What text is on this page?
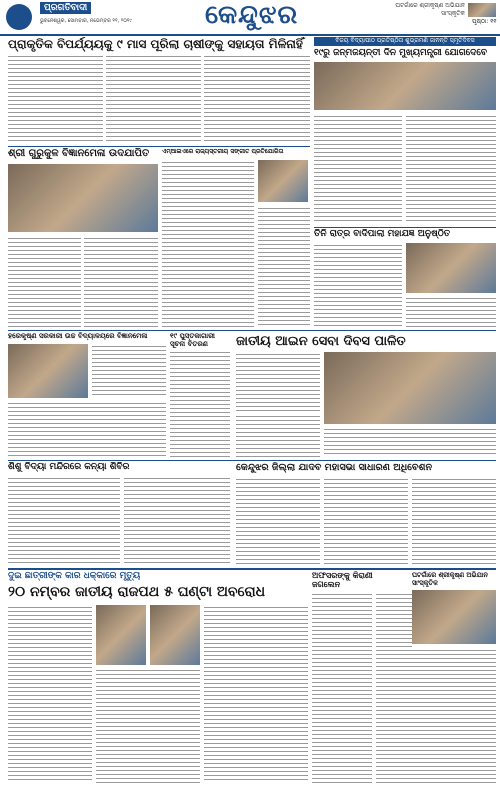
ପ୍ରଗତିବାଦୀ
ଭୁବନେଶ୍ୱର, ସୋମବାର, ନଭେମ୍ବର ୧୧, ୨୦୧୯	କେନ୍ଦୁଝର	ଘଟଗାଁରେ ଶ୍ରୀକୃଷ୍ଣ ଅଭିଯାନ ସାଂସ୍କୃତିକ
ପୃଷ୍ଠା: ୧୧
ପ୍ରାକୃତିକ ବିପର୍ଯ୍ୟୟକୁ ୯ ମାସ ପୂରିଲା ଚାଷୀଙ୍କୁ ସହାୟତା ମିଳିନାହିଁ	ବିଜୟ ବିଦ୍ୟାପୀଠ ପ୍ରତିଷ୍ଠିତା ଶୁଭ୍ରମଣି ଜାନନ୍ତି ସ୍ମୃତିଦିବସ
୧୯ରୁ ଜନ୍ମଜୟନ୍ତୀ ଦିନ ମୁଖ୍ୟମନ୍ତ୍ରୀ ଯୋଗଦେବେ
ଶ୍ରୀ ଗୁରୁକୁଳ ବିଜ୍ଞାନମେଳା ଉଦଯାପିତ	ଏମ୍‌ଆଇଏରେ ରାଜ୍ୟସ୍ତରୀୟ ସଙ୍ଗୀତ ପ୍ରତିଯୋଗିତା
ତିନି ରାତ୍ର ବାଦିପାଲା ମହାଯଜ୍ଞ ଅନୁଷ୍ଠିତ
ହରେକୃଷ୍ଣ ସରକାରୀ ଉଚ୍ଚ ବିଦ୍ୟାଳୟରେ ବିଜ୍ଞାନମେଳା	୧୯ ପୁସ୍ତକାଗାରୀ ସୂଚନା ବିତରଣ	ଜାତୀୟ ଆଇନ ସେବା ଦିବସ ପାଳିତ
ଶିଶୁ ବିଦ୍ୟା ମନ୍ଦିରରେ କନ୍ୟା ଶିବିର	କେନ୍ଦୁଝର ଜିଲ୍ଲା ଯାଦବ ମହାସଭା ସାଧାରଣ ଅଧିବେଶନ
ଦୁଇ ଛାତ୍ରୀଙ୍କ କାର ଧକ୍କାରେ ମୃତ୍ୟୁ
୨୦ ନମ୍ବର ଜାତୀୟ ରାଜପଥ ୫ ଘଣ୍ଟା ଅବରୋଧ
ଅଫସରଙ୍କୁ କିରାଣୀ ଜଗଲେନ
ଘଟଗାଁରେ ଶ୍ରୀକୃଷ୍ଣ ଅଭିଯାନ ସାଂସ୍କୃତିକ
